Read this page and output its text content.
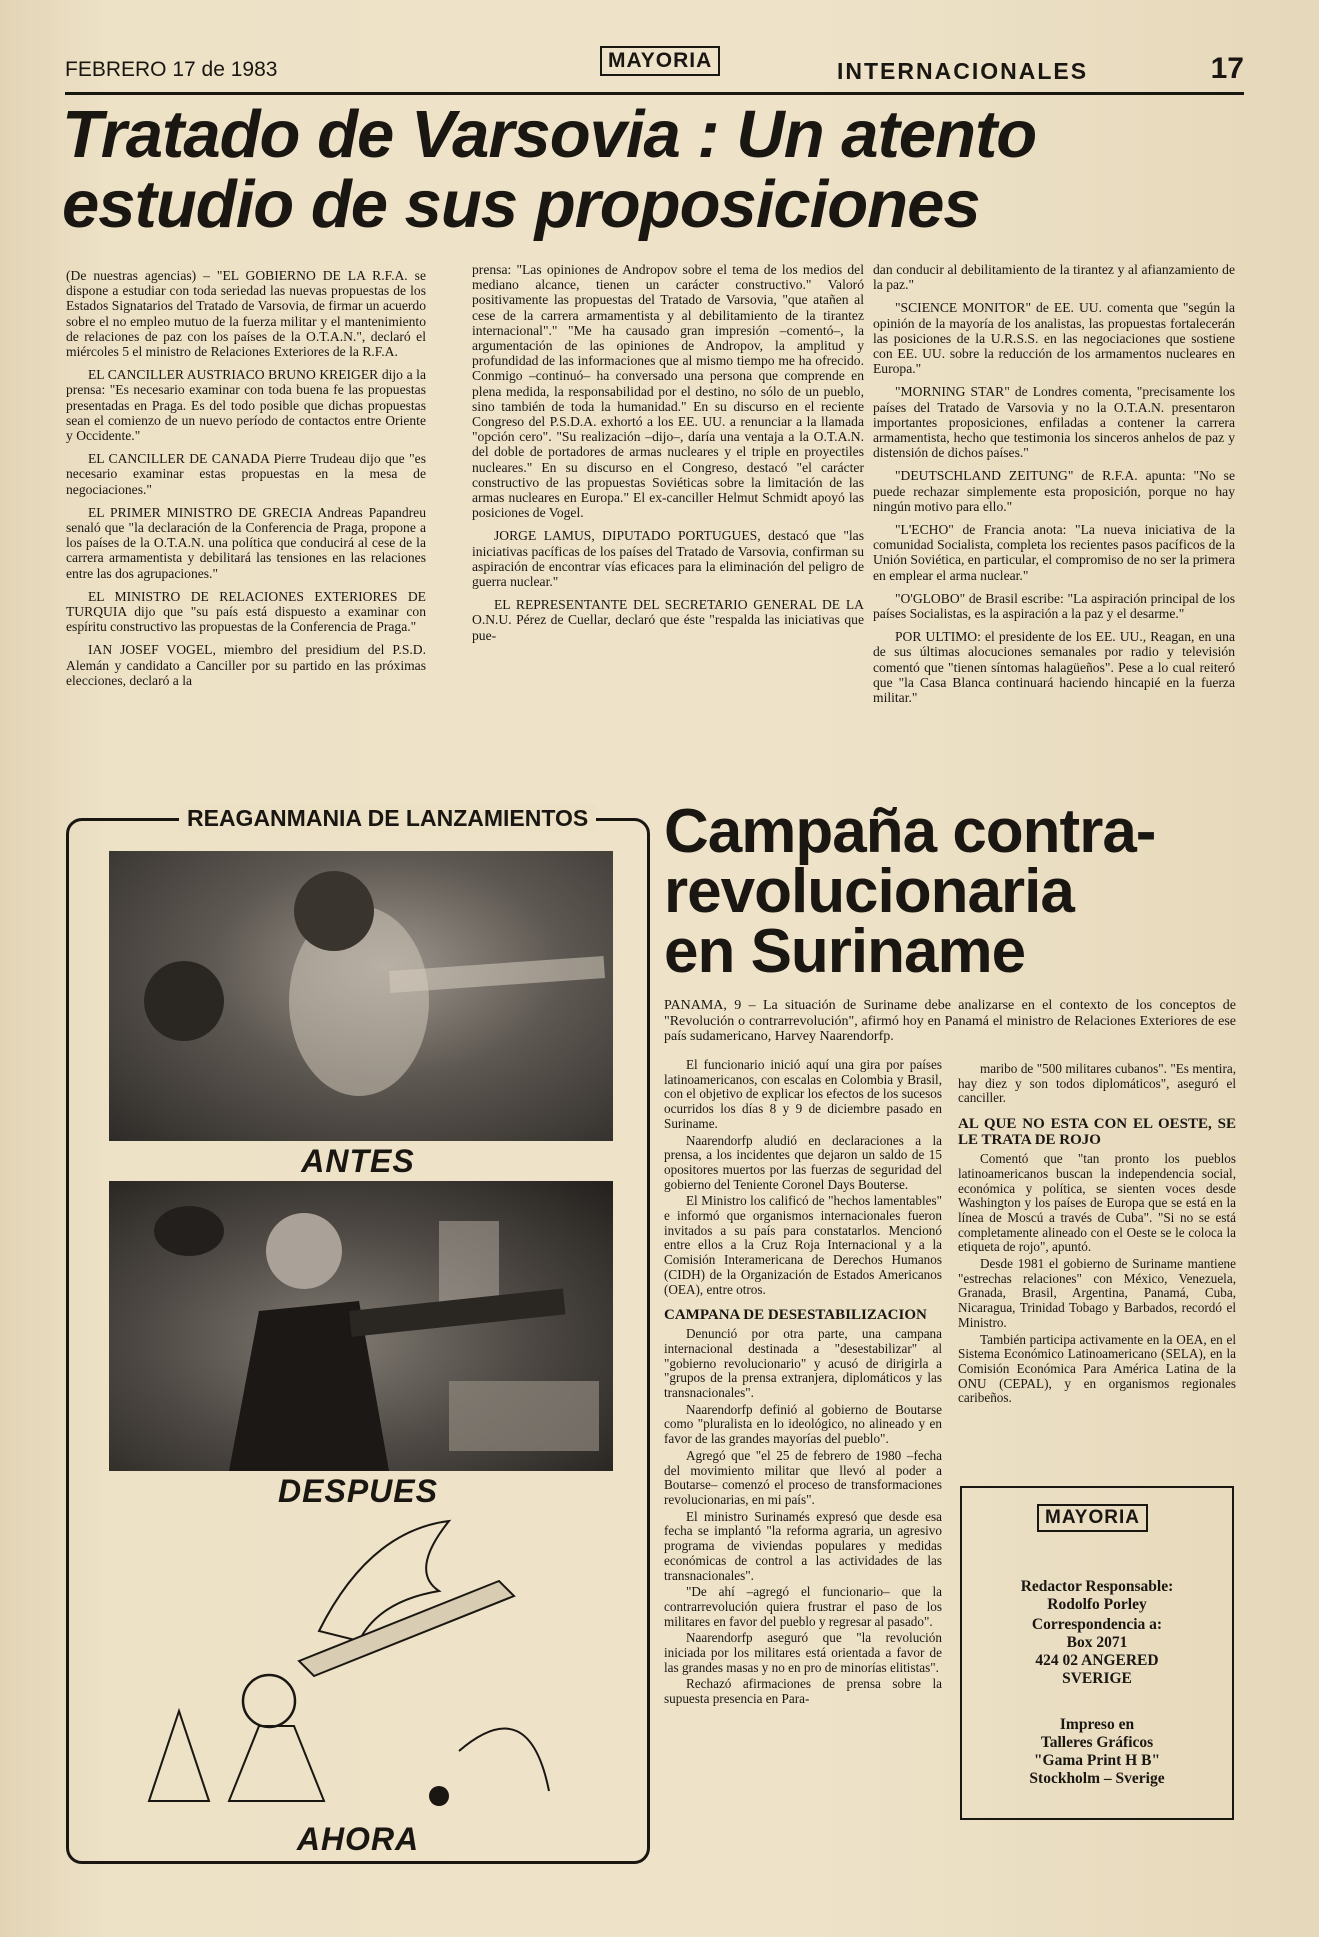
FEBRERO 17 de 1983	MAYORIA	INTERNACIONALES	17
Tratado de Varsovia : Un atento
estudio de sus proposiciones

(De nuestras agencias) – "EL GOBIERNO DE LA R.F.A. se dispone a estudiar con toda seriedad las nuevas propuestas de los Estados Signatarios del Tratado de Varsovia, de firmar un acuerdo sobre el no empleo mutuo de la fuerza militar y el mantenimiento de relaciones de paz con los países de la O.T.A.N.", declaró el miércoles 5 el ministro de Relaciones Exteriores de la R.F.A.

EL CANCILLER AUSTRIACO BRUNO KREIGER dijo a la prensa: "Es necesario examinar con toda buena fe las propuestas presentadas en Praga. Es del todo posible que dichas propuestas sean el comienzo de un nuevo período de contactos entre Oriente y Occidente."

EL CANCILLER DE CANADA Pierre Trudeau dijo que "es necesario examinar estas propuestas en la mesa de negociaciones."

EL PRIMER MINISTRO DE GRECIA Andreas Papandreu senaló que "la declaración de la Conferencia de Praga, propone a los países de la O.T.A.N. una política que conducirá al cese de la carrera armamentista y debilitará las tensiones en las relaciones entre las dos agrupaciones."

EL MINISTRO DE RELACIONES EXTERIORES DE TURQUIA dijo que "su país está dispuesto a examinar con espíritu constructivo las propuestas de la Conferencia de Praga."

IAN JOSEF VOGEL, miembro del presidium del P.S.D. Alemán y candidato a Canciller por su partido en las próximas elecciones, declaró a la

prensa: "Las opiniones de Andropov sobre el tema de los medios del mediano alcance, tienen un carácter constructivo." Valoró positivamente las propuestas del Tratado de Varsovia, "que atañen al cese de la carrera armamentista y al debilitamiento de la tirantez internacional"." "Me ha causado gran impresión –comentó–, la argumentación de las opiniones de Andropov, la amplitud y profundidad de las informaciones que al mismo tiempo me ha ofrecido. Conmigo –continuó– ha conversado una persona que comprende en plena medida, la responsabilidad por el destino, no sólo de un pueblo, sino también de toda la humanidad." En su discurso en el reciente Congreso del P.S.D.A. exhortó a los EE. UU. a renunciar a la llamada "opción cero". "Su realización –dijo–, daría una ventaja a la O.T.A.N. del doble de portadores de armas nucleares y el triple en proyectiles nucleares." En su discurso en el Congreso, destacó "el carácter constructivo de las propuestas Soviéticas sobre la limitación de las armas nucleares en Europa." El ex-canciller Helmut Schmidt apoyó las posiciones de Vogel.

JORGE LAMUS, DIPUTADO PORTUGUES, destacó que "las iniciativas pacíficas de los países del Tratado de Varsovia, confirman su aspiración de encontrar vías eficaces para la eliminación del peligro de guerra nuclear."

EL REPRESENTANTE DEL SECRETARIO GENERAL DE LA O.N.U. Pérez de Cuellar, declaró que éste "respalda las iniciativas que pue-

dan conducir al debilitamiento de la tirantez y al afianzamiento de la paz."

"SCIENCE MONITOR" de EE. UU. comenta que "según la opinión de la mayoría de los analistas, las propuestas fortalecerán las posiciones de la U.R.S.S. en las negociaciones que sostiene con EE. UU. sobre la reducción de los armamentos nucleares en Europa."

"MORNING STAR" de Londres comenta, "precisamente los países del Tratado de Varsovia y no la O.T.A.N. presentaron importantes proposiciones, enfiladas a contener la carrera armamentista, hecho que testimonia los sinceros anhelos de paz y distensión de dichos países."

"DEUTSCHLAND ZEITUNG" de R.F.A. apunta: "No se puede rechazar simplemente esta proposición, porque no hay ningún motivo para ello."

"L'ECHO" de Francia anota: "La nueva iniciativa de la comunidad Socialista, completa los recientes pasos pacíficos de la Unión Soviética, en particular, el compromiso de no ser la primera en emplear el arma nuclear."

"O'GLOBO" de Brasil escribe: "La aspiración principal de los países Socialistas, es la aspiración a la paz y el desarme."

POR ULTIMO: el presidente de los EE. UU., Reagan, en una de sus últimas alocuciones semanales por radio y televisión comentó que "tienen síntomas halagüeños". Pese a lo cual reiteró que "la Casa Blanca continuará haciendo hincapié en la fuerza militar."

REAGANMANIA DE LANZAMIENTOS
ANTES
DESPUES
AHORA
Campaña contra-
revolucionaria
en Suriname
PANAMA, 9 – La situación de Suriname debe analizarse en el contexto de los conceptos de "Revolución o contrarrevolución", afirmó hoy en Panamá el ministro de Relaciones Exteriores de ese país sudamericano, Harvey Naarendorfp.

El funcionario inició aquí una gira por países latinoamericanos, con escalas en Colombia y Brasil, con el objetivo de explicar los efectos de los sucesos ocurridos los días 8 y 9 de diciembre pasado en Suriname.

Naarendorfp aludió en declaraciones a la prensa, a los incidentes que dejaron un saldo de 15 opositores muertos por las fuerzas de seguridad del gobierno del Teniente Coronel Days Bouterse.

El Ministro los calificó de "hechos lamentables" e informó que organismos internacionales fueron invitados a su país para constatarlos. Mencionó entre ellos a la Cruz Roja Internacional y a la Comisión Interamericana de Derechos Humanos (CIDH) de la Organización de Estados Americanos (OEA), entre otros.

CAMPANA DE DESESTABILIZACION

Denunció por otra parte, una campana internacional destinada a "desestabilizar" al "gobierno revolucionario" y acusó de dirigirla a "grupos de la prensa extranjera, diplomáticos y las transnacionales".

Naarendorfp definió al gobierno de Boutarse como "pluralista en lo ideológico, no alineado y en favor de las grandes mayorías del pueblo".

Agregó que "el 25 de febrero de 1980 –fecha del movimiento militar que llevó al poder a Boutarse– comenzó el proceso de transformaciones revolucionarias, en mi país".

El ministro Surinamés expresó que desde esa fecha se implantó "la reforma agraria, un agresivo programa de viviendas populares y medidas económicas de control a las actividades de las transnacionales".

"De ahí –agregó el funcionario– que la contrarrevolución quiera frustrar el paso de los militares en favor del pueblo y regresar al pasado".

Naarendorfp aseguró que "la revolución iniciada por los militares está orientada a favor de las grandes masas y no en pro de minorías elitistas".

Rechazó afirmaciones de prensa sobre la supuesta presencia en Para-

maribo de "500 militares cubanos". "Es mentira, hay diez y son todos diplomáticos", aseguró el canciller.

AL QUE NO ESTA CON EL OESTE, SE LE TRATA DE ROJO

Comentó que "tan pronto los pueblos latinoamericanos buscan la independencia social, económica y política, se sienten voces desde Washington y los países de Europa que se está en la línea de Moscú a través de Cuba". "Si no se está completamente alineado con el Oeste se le coloca la etiqueta de rojo", apuntó.

Desde 1981 el gobierno de Suriname mantiene "estrechas relaciones" con México, Venezuela, Granada, Brasil, Argentina, Panamá, Cuba, Nicaragua, Trinidad Tobago y Barbados, recordó el Ministro.

También participa activamente en la OEA, en el Sistema Económico Latinoamericano (SELA), en la Comisión Económica Para América Latina de la ONU (CEPAL), y en organismos regionales caribeños.

MAYORIA
Redactor Responsable:
Rodolfo Porley
Correspondencia a:
Box 2071
424 02 ANGERED
SVERIGE
Impreso en
Talleres Gráficos
"Gama Print H B"
Stockholm – Sverige
